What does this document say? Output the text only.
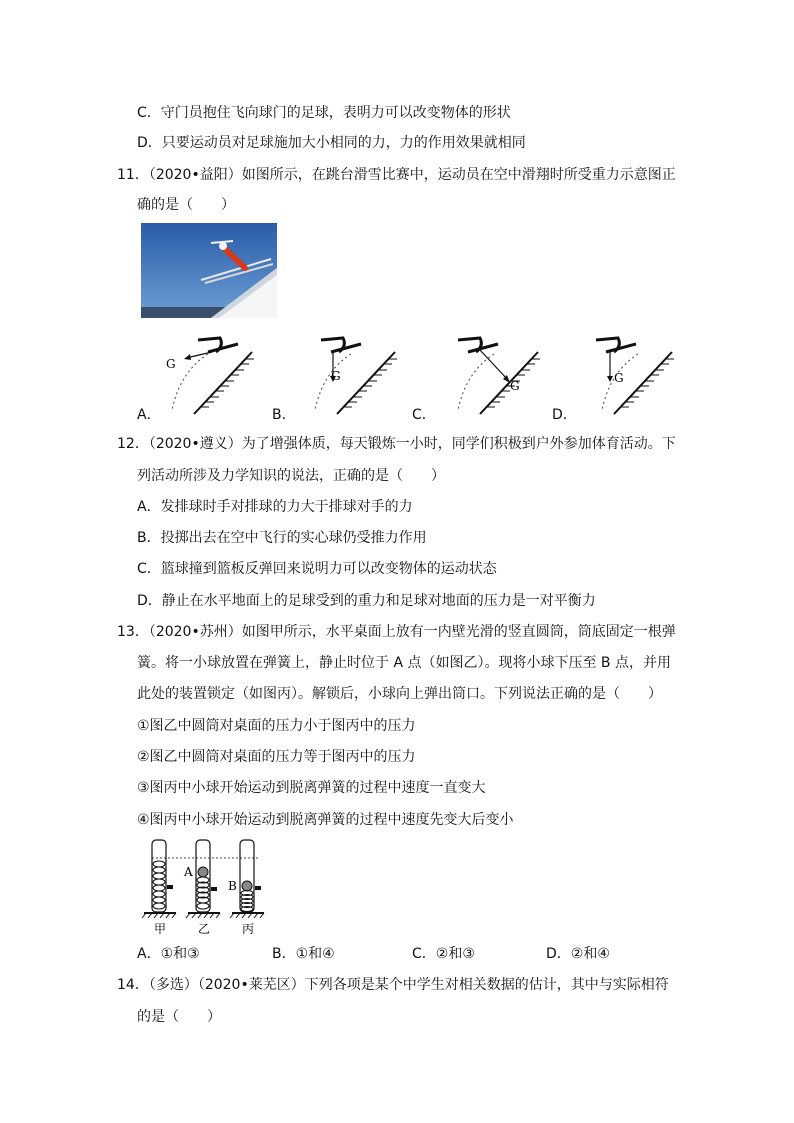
C．守门员抱住飞向球门的足球，表明力可以改变物体的形状
D．只要运动员对足球施加大小相同的力，力的作用效果就相同
11．（2020•益阳）如图所示，在跳台滑雪比赛中，运动员在空中滑翔时所受重力示意图正
确的是（　　）
G
G
G
G
A．	B．	C．	D．
12．（2020•遵义）为了增强体质，每天锻炼一小时，同学们积极到户外参加体育活动。下
列活动所涉及力学知识的说法，正确的是（　　）
A．发排球时手对排球的力大于排球对手的力
B．投掷出去在空中飞行的实心球仍受推力作用
C．篮球撞到篮板反弹回来说明力可以改变物体的运动状态
D．静止在水平地面上的足球受到的重力和足球对地面的压力是一对平衡力
13．（2020•苏州）如图甲所示，水平桌面上放有一内壁光滑的竖直圆筒，筒底固定一根弹
簧。将一小球放置在弹簧上，静止时位于 A 点（如图乙）。现将小球下压至 B 点，并用
此处的装置锁定（如图丙）。解锁后，小球向上弹出筒口。下列说法正确的是（　　）
①图乙中圆筒对桌面的压力小于图丙中的压力
②图乙中圆筒对桌面的压力等于图丙中的压力
③图丙中小球开始运动到脱离弹簧的过程中速度一直变大
④图丙中小球开始运动到脱离弹簧的过程中速度先变大后变小
A
B
甲	乙	丙
A．①和③	B．①和④	C．②和③	D．②和④
14．（多选）（2020•莱芜区）下列各项是某个中学生对相关数据的估计，其中与实际相符
的是（　　）
